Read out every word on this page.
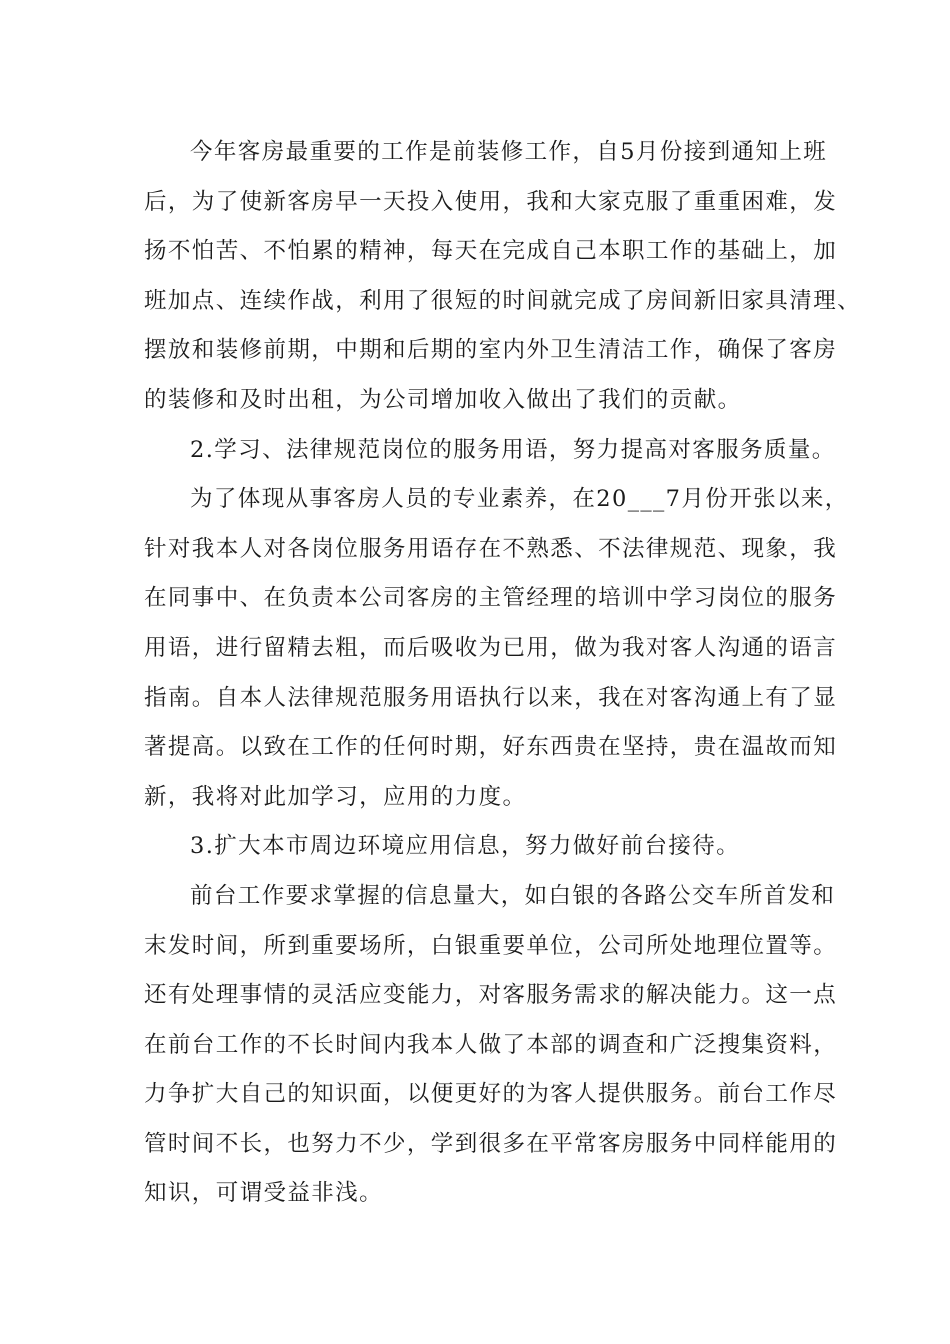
今年客房最重要的工作是前装修工作，自5月份接到通知上班
后，为了使新客房早一天投入使用，我和大家克服了重重困难，发
扬不怕苦、不怕累的精神，每天在完成自己本职工作的基础上，加
班加点、连续作战，利用了很短的时间就完成了房间新旧家具清理、
摆放和装修前期，中期和后期的室内外卫生清洁工作，确保了客房
的装修和及时出租，为公司增加收入做出了我们的贡献。
2.学习、法律规范岗位的服务用语，努力提高对客服务质量。
为了体现从事客房人员的专业素养，在20___7月份开张以来，
针对我本人对各岗位服务用语存在不熟悉、不法律规范、现象，我
在同事中、在负责本公司客房的主管经理的培训中学习岗位的服务
用语，进行留精去粗，而后吸收为已用，做为我对客人沟通的语言
指南。自本人法律规范服务用语执行以来，我在对客沟通上有了显
著提高。以致在工作的任何时期，好东西贵在坚持，贵在温故而知
新，我将对此加学习，应用的力度。
3.扩大本市周边环境应用信息，努力做好前台接待。
前台工作要求掌握的信息量大，如白银的各路公交车所首发和
末发时间，所到重要场所，白银重要单位，公司所处地理位置等。
还有处理事情的灵活应变能力，对客服务需求的解决能力。这一点
在前台工作的不长时间内我本人做了本部的调查和广泛搜集资料，
力争扩大自己的知识面，以便更好的为客人提供服务。前台工作尽
管时间不长，也努力不少，学到很多在平常客房服务中同样能用的
知识，可谓受益非浅。
